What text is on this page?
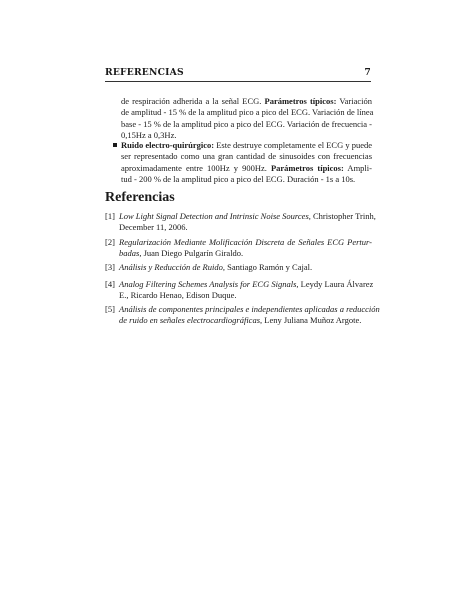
REFERENCIAS	7
de respiración adherida a la señal ECG. Parámetros típicos: Variación
de amplitud - 15 % de la amplitud pico a pico del ECG. Variación de línea
base - 15 % de la amplitud pico a pico del ECG. Variación de frecuencia -
0,15Hz a 0,3Hz.
Ruido electro-quirúrgico: Este destruye completamente el ECG y puede
ser representado como una gran cantidad de sinusoides con frecuencias
aproximadamente entre 100Hz y 900Hz. Parámetros típicos: Ampli-
tud - 200 % de la amplitud pico a pico del ECG. Duración - 1s a 10s.
Referencias
[1] Low Light Signal Detection and Intrinsic Noise Sources, Christopher Trinh,
December 11, 2006.
[2] Regularización Mediante Molificación Discreta de Señales ECG Pertur-
badas, Juan Diego Pulgarín Giraldo.
[3] Análisis y Reducción de Ruido, Santiago Ramón y Cajal.
[4] Analog Filtering Schemes Analysis for ECG Signals, Leydy Laura Álvarez
E., Ricardo Henao, Edison Duque.
[5] Análisis de componentes principales e independientes aplicadas a reducción
de ruido en señales electrocardiográficas, Leny Juliana Muñoz Argote.
